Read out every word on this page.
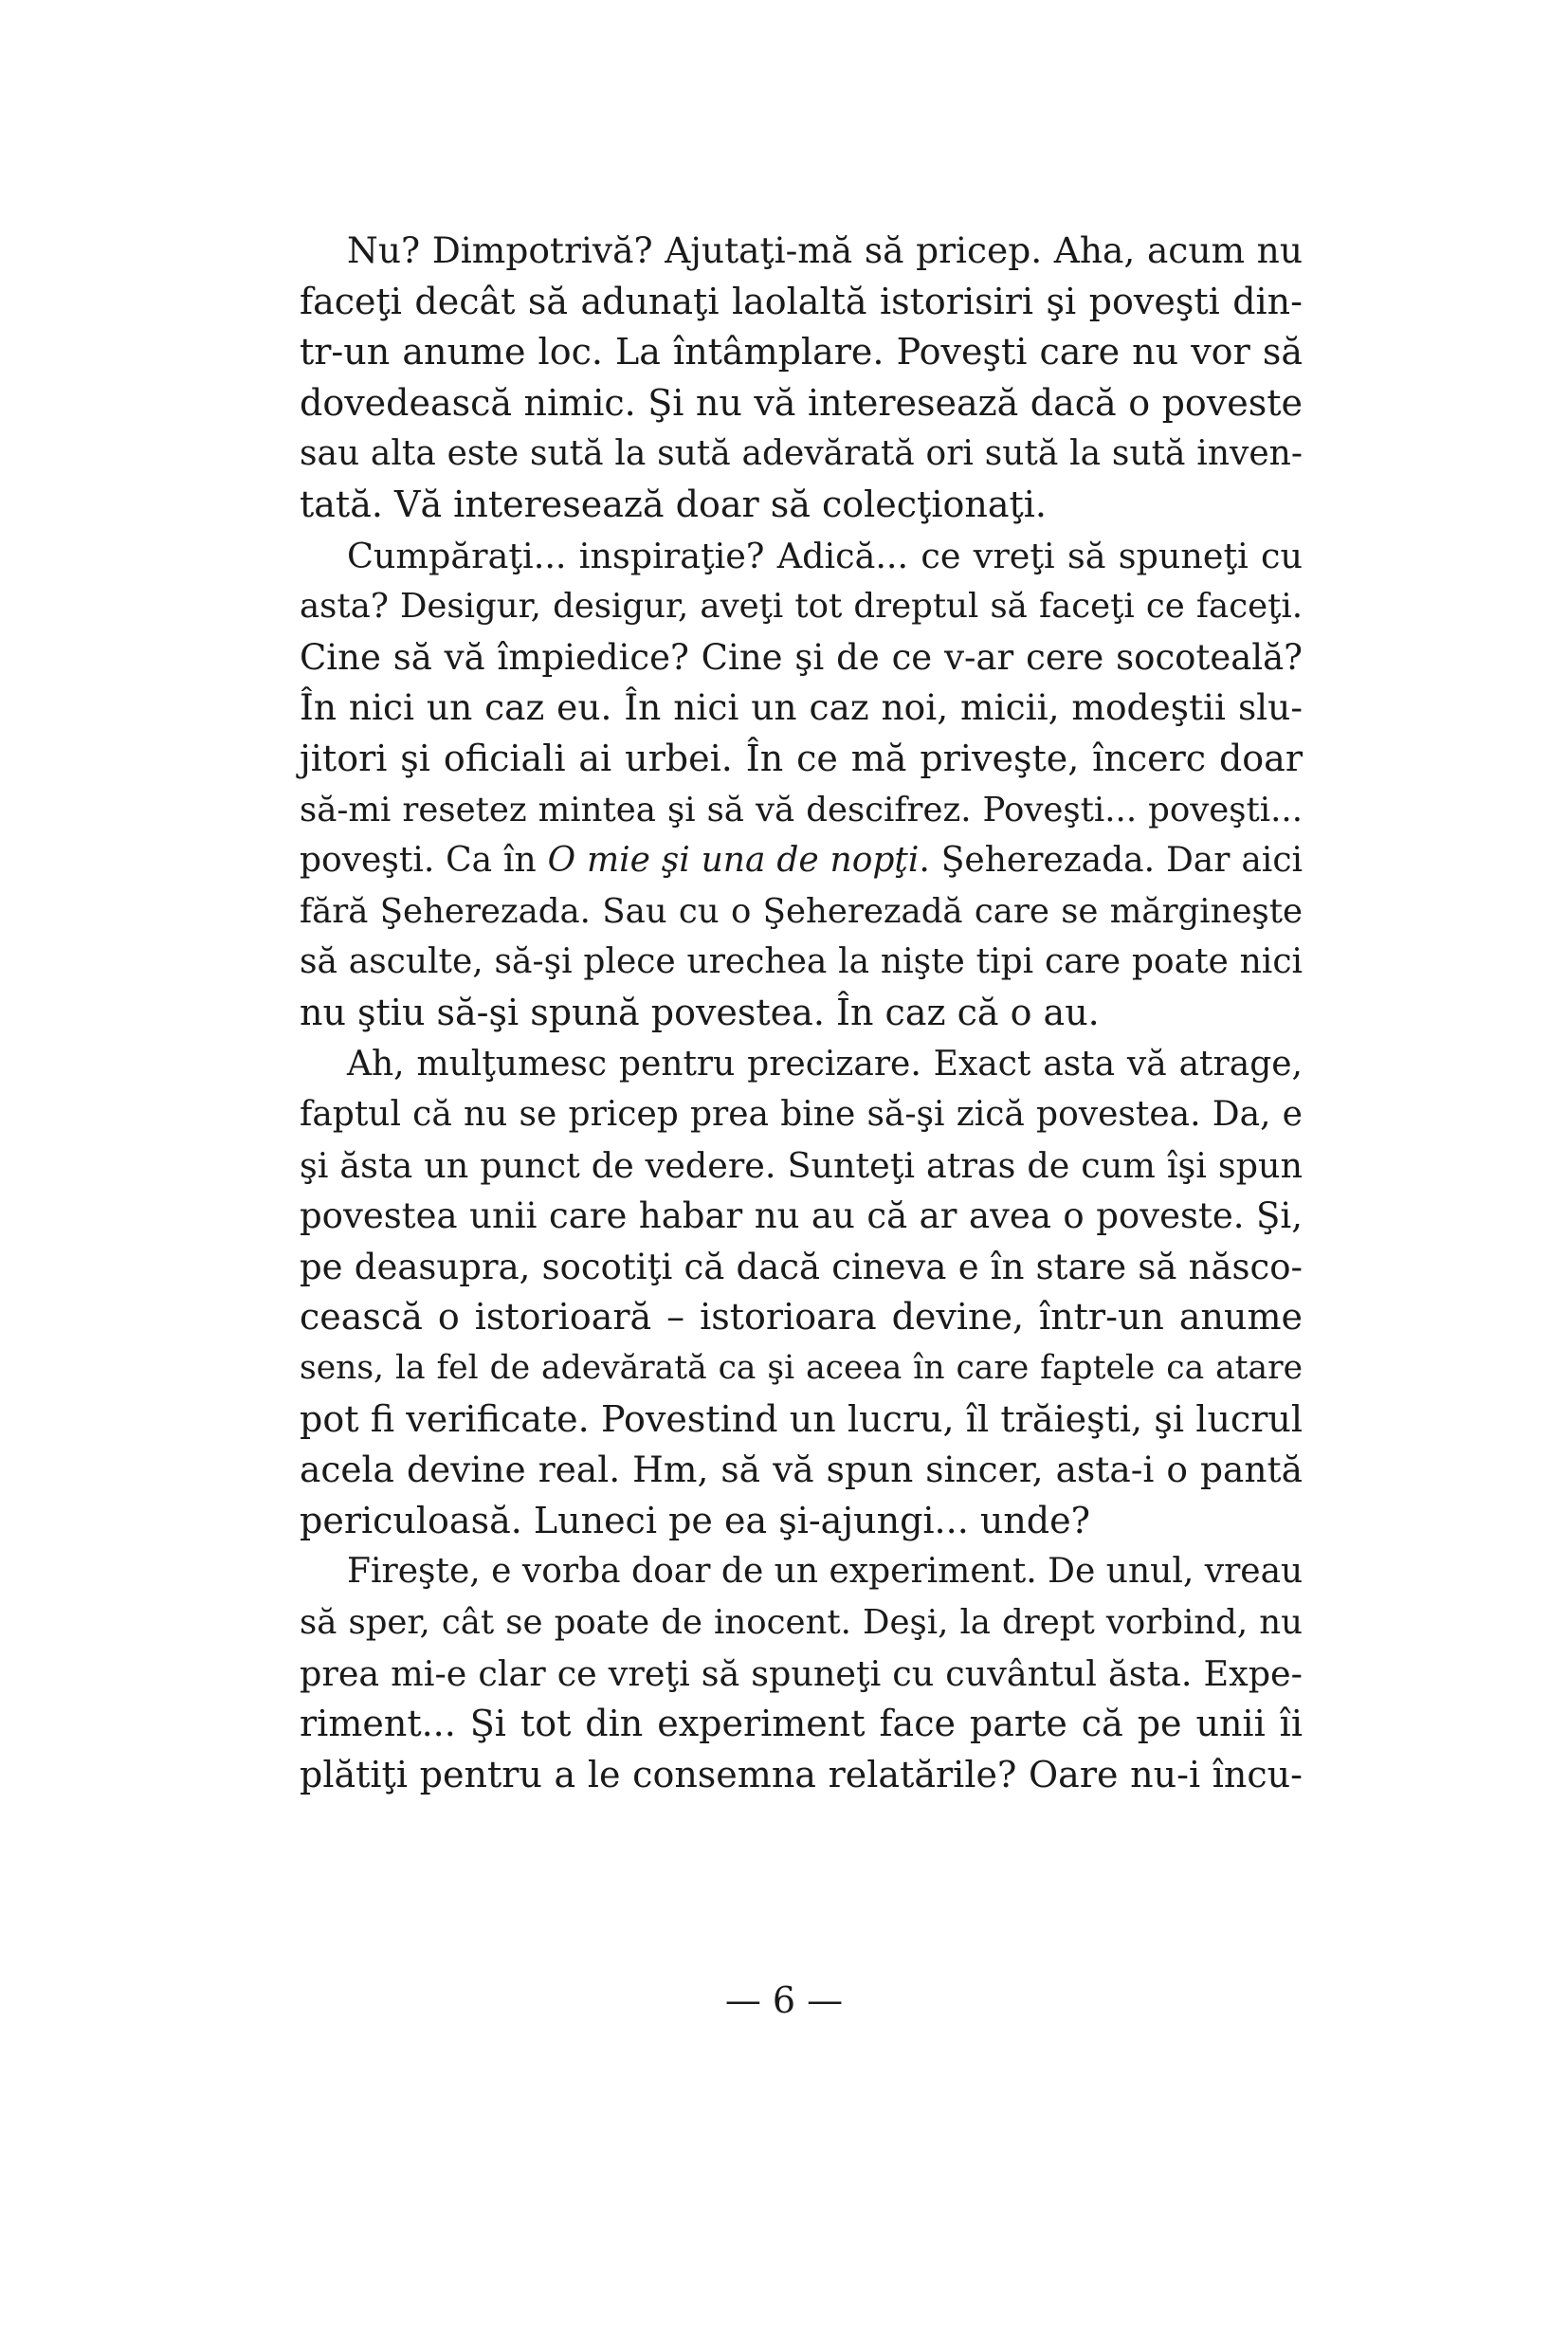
Nu? Dimpotrivă? Ajutaţi-mă să pricep. Aha, acum nu
faceţi decât să adunaţi laolaltă istorisiri şi poveşti din-
tr-un anume loc. La întâmplare. Poveşti care nu vor să
dovedească nimic. Şi nu vă interesează dacă o poveste
sau alta este sută la sută adevărată ori sută la sută inven-
tată. Vă interesează doar să colecţionaţi.
Cumpăraţi... inspiraţie? Adică... ce vreţi să spuneţi cu
asta? Desigur, desigur, aveţi tot dreptul să faceţi ce faceţi.
Cine să vă împiedice? Cine şi de ce v-ar cere socoteală?
În nici un caz eu. În nici un caz noi, micii, modeştii slu-
jitori şi oficiali ai urbei. În ce mă priveşte, încerc doar
să-mi resetez mintea şi să vă descifrez. Poveşti... poveşti...
poveşti. Ca în O mie şi una de nopţi. Şeherezada. Dar aici
fără Şeherezada. Sau cu o Şeherezadă care se mărgineşte
să asculte, să-şi plece urechea la nişte tipi care poate nici
nu ştiu să-şi spună povestea. În caz că o au.
Ah, mulţumesc pentru precizare. Exact asta vă atrage,
faptul că nu se pricep prea bine să-şi zică povestea. Da, e
şi ăsta un punct de vedere. Sunteţi atras de cum îşi spun
povestea unii care habar nu au că ar avea o poveste. Şi,
pe deasupra, socotiţi că dacă cineva e în stare să născo-
cească o istorioară – istorioara devine, într-un anume
sens, la fel de adevărată ca şi aceea în care faptele ca atare
pot fi verificate. Povestind un lucru, îl trăieşti, şi lucrul
acela devine real. Hm, să vă spun sincer, asta-i o pantă
periculoasă. Luneci pe ea şi-ajungi... unde?
Fireşte, e vorba doar de un experiment. De unul, vreau
să sper, cât se poate de inocent. Deşi, la drept vorbind, nu
prea mi-e clar ce vreţi să spuneţi cu cuvântul ăsta. Expe-
riment... Şi tot din experiment face parte că pe unii îi
plătiţi pentru a le consemna relatările? Oare nu-i încu-
— 6 —
